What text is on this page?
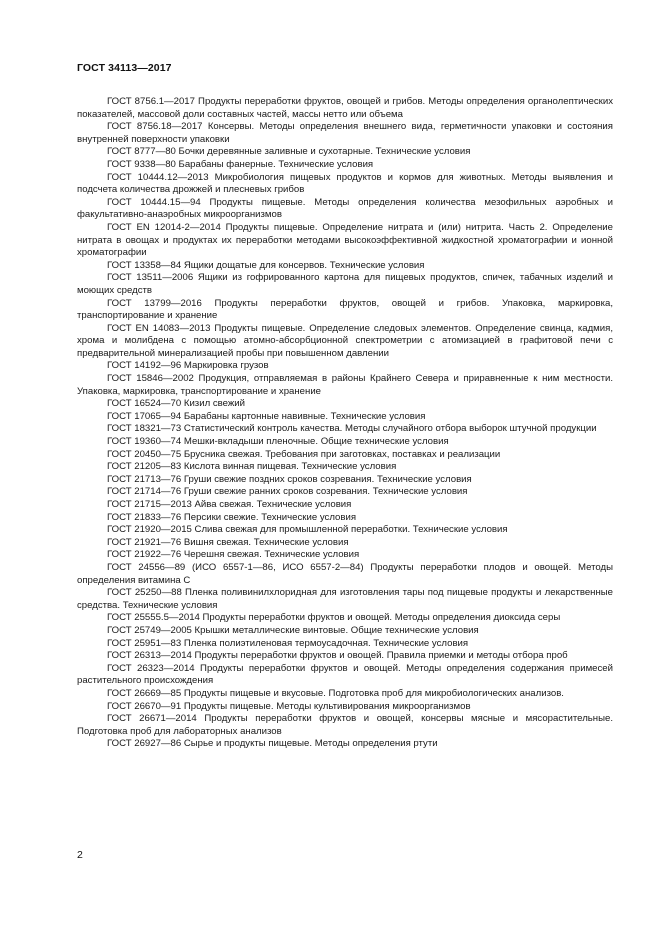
ГОСТ 34113—2017

ГОСТ 8756.1—2017 Продукты переработки фруктов, овощей и грибов. Методы определения органолептических показателей, массовой доли составных частей, массы нетто или объема

ГОСТ 8756.18—2017 Консервы. Методы определения внешнего вида, герметичности упаковки и состояния внутренней поверхности упаковки

ГОСТ 8777—80 Бочки деревянные заливные и сухотарные. Технические условия

ГОСТ 9338—80 Барабаны фанерные. Технические условия

ГОСТ 10444.12—2013 Микробиология пищевых продуктов и кормов для животных. Методы выявления и подсчета количества дрожжей и плесневых грибов

ГОСТ 10444.15—94 Продукты пищевые. Методы определения количества мезофильных аэробных и факультативно-анаэробных микроорганизмов

ГОСТ EN 12014-2—2014 Продукты пищевые. Определение нитрата и (или) нитрита. Часть 2. Определение нитрата в овощах и продуктах их переработки методами высокоэффективной жидкостной хроматографии и ионной хроматографии

ГОСТ 13358—84 Ящики дощатые для консервов. Технические условия

ГОСТ 13511—2006 Ящики из гофрированного картона для пищевых продуктов, спичек, табачных изделий и моющих средств

ГОСТ 13799—2016 Продукты переработки фруктов, овощей и грибов. Упаковка, маркировка, транспортирование и хранение

ГОСТ EN 14083—2013 Продукты пищевые. Определение следовых элементов. Определение свинца, кадмия, хрома и молибдена с помощью атомно-абсорбционной спектрометрии с атомизацией в графитовой печи с предварительной минерализацией пробы при повышенном давлении

ГОСТ 14192—96 Маркировка грузов

ГОСТ 15846—2002 Продукция, отправляемая в районы Крайнего Севера и приравненные к ним местности. Упаковка, маркировка, транспортирование и хранение

ГОСТ 16524—70 Кизил свежий

ГОСТ 17065—94 Барабаны картонные навивные. Технические условия

ГОСТ 18321—73 Статистический контроль качества. Методы случайного отбора выборок штучной продукции

ГОСТ 19360—74 Мешки-вкладыши пленочные. Общие технические условия

ГОСТ 20450—75 Брусника свежая. Требования при заготовках, поставках и реализации

ГОСТ 21205—83 Кислота винная пищевая. Технические условия

ГОСТ 21713—76 Груши свежие поздних сроков созревания. Технические условия

ГОСТ 21714—76 Груши свежие ранних сроков созревания. Технические условия

ГОСТ 21715—2013 Айва свежая. Технические условия

ГОСТ 21833—76 Персики свежие. Технические условия

ГОСТ 21920—2015 Слива свежая для промышленной переработки. Технические условия

ГОСТ 21921—76 Вишня свежая. Технические условия

ГОСТ 21922—76 Черешня свежая. Технические условия

ГОСТ 24556—89 (ИСО 6557-1—86, ИСО 6557-2—84) Продукты переработки плодов и овощей. Методы определения витамина С

ГОСТ 25250—88 Пленка поливинилхлоридная для изготовления тары под пищевые продукты и лекарственные средства. Технические условия

ГОСТ 25555.5—2014 Продукты переработки фруктов и овощей. Методы определения диоксида серы

ГОСТ 25749—2005 Крышки металлические винтовые. Общие технические условия

ГОСТ 25951—83 Пленка полиэтиленовая термоусадочная. Технические условия

ГОСТ 26313—2014 Продукты переработки фруктов и овощей. Правила приемки и методы отбора проб

ГОСТ 26323—2014 Продукты переработки фруктов и овощей. Методы определения содержания примесей растительного происхождения

ГОСТ 26669—85 Продукты пищевые и вкусовые. Подготовка проб для микробиологических анализов.

ГОСТ 26670—91 Продукты пищевые. Методы культивирования микроорганизмов

ГОСТ 26671—2014 Продукты переработки фруктов и овощей, консервы мясные и мясорастительные. Подготовка проб для лабораторных анализов

ГОСТ 26927—86 Сырье и продукты пищевые. Методы определения ртути

2
